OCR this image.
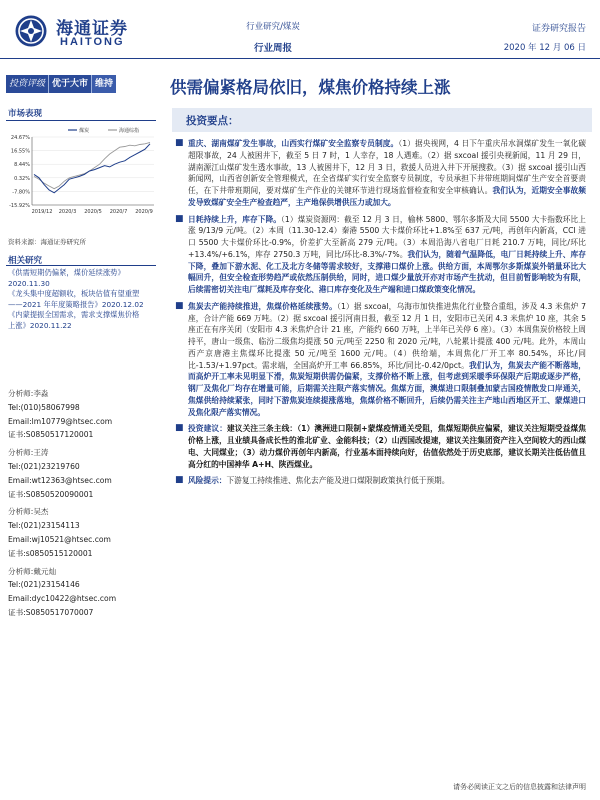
海通证券
HAITONG
行业研究/煤炭
行业周报
证券研究报告
2020 年 12 月 06 日
投资评级 优于大市 维持	供需偏紧格局依旧，煤焦价格持续上涨
市场表现
24.67%
16.55%
8.44%
0.32%
-7.80%
-15.92%
2019/12 2020/3 2020/5 2020/7 2020/9
煤炭	海通综指
资料来源：海通证券研究所
相关研究
《供需短期仍偏紧，煤价延续涨势》
2020.11.30
《龙头集中度超额收，板块估值有望重塑
——2021 年年度策略报告》2020.12.02
《内蒙提振全国需求，需求支撑煤焦价格
上涨》2020.11.22
分析师:李淼
Tel:(010)58067998
Email:lm10779@htsec.com
证书:S0850517120001
分析师:王涛
Tel:(021)23219760
Email:wt12363@htsec.com
证书:S0850520090001
分析师:吴杰
Tel:(021)23154113
Email:wj10521@htsec.com
证书:s0850515120001
分析师:戴元灿
Tel:(021)23154146
Email:dyc10422@htsec.com
证书:S0850517070007
投资要点：
■ 重庆、湖南煤矿发生事故，山西实行煤矿安全监察专员制度。（1）据央视网，4 日下午重庆吊水洞煤矿发生一氧化碳超限事故，24 人被困井下，截至 5 日 7 时，1 人幸存，18 人遇难。（2）据 sxcoal 援引央视新闻，11 月 29 日，湖南源江山煤矿发生透水事故，13 人被困井下，12 月 3 日，救援人员进入井下开展搜救。（3）据 sxcoal 援引山西新闻网，山西省创新安全管理模式，在全省煤矿实行安全监察专员制度，专员承担下井带班期间煤矿生产安全首要责任，在下井带班期间，要对煤矿生产作业的关键环节进行现场监督检查和安全审核确认。我们认为，近期安全事故频发导致煤矿安全生产检查趋严，主产地保供增供压力或加大。
■ 日耗持续上升，库存下降。（1）煤炭资源网：截至 12 月 3 日，榆林 5800、鄂尔多斯及大同 5500 大卡指数环比上涨 9/13/9 元/吨。（2）本周（11.30-12.4）秦港 5500 大卡煤价环比+1.8%至 637 元/吨，再创年内新高，CCI 进口 5500 大卡煤价环比-0.9%，价差扩大至新高 279 元/吨。（3）本周沿海八省电厂日耗 210.7 万吨，同比/环比+13.4%/+6.1%，库存 2750.3 万吨，同比/环比-8.3%/-7%。我们认为，随着气温降低，电厂日耗持续上升、库存下降，叠加下游水泥、化工及北方冬储等需求较好，支撑港口煤价上涨。供给方面，本周鄂尔多斯煤炭外销量环比大幅回升，但安全检查形势趋严或依然压制供给，同时，进口煤少量放开亦对市场产生扰动，但目前暂影响较为有限，后续需密切关注电厂煤耗及库存变化、港口库存变化及生产端和进口煤政策变化情况。
■ 焦炭去产能持续推进，焦煤价格延续涨势。（1）据 sxcoal，乌海市加快推进焦化行业整合重组，涉及 4.3 米焦炉 7 座，合计产能 669 万吨。（2）据 sxcoal 援引河南日报，截至 12 月 1 日，安阳市已关闭 4.3 米焦炉 10 座，其余 5 座正在有序关闭（安阳市 4.3 米焦炉合计 21 座，产能约 660 万吨，上半年已关停 6 座）。（3）本周焦炭价格较上周持平，唐山一级焦、临汾二级焦均提涨 50 元/吨至 2250 和 2020 元/吨，八轮累计提涨 400 元/吨。此外，本周山西产京唐港主焦煤环比提涨 50 元/吨至 1600 元/吨。（4）供给端，本周焦化厂开工率 80.54%，环比/同比-1.53/+1.97pct。需求端，全国高炉开工率 66.85%，环比/同比-0.42/0pct。我们认为，焦炭去产能不断落地，而高炉开工率未见明显下滑，焦炭短期供需仍偏紧，支撑价格不断上涨，但考虑到采暖季环保限产后期或逐步严格，钢厂及焦化厂均存在增量可能，后期需关注限产落实情况。焦煤方面，澳煤进口限制叠加蒙古国疫情散发口岸通关，焦煤供给持续紧张，同时下游焦炭连续提涨落地，焦煤价格不断回升，后续仍需关注主产地山西地区开工、蒙煤进口及焦化限产落实情况。
■ 投资建议：建议关注三条主线：（1）澳洲进口限制+蒙煤疫情通关受阻，焦煤短期供应偏紧，建议关注短期受益煤焦价格上涨，且业绩具备成长性的淮北矿业、金能科技；（2）山西国改提速，建议关注集团资产注入空间较大的西山煤电、大同煤业；（3）动力煤价再创年内新高，行业基本面持续向好，估值依然处于历史底部，建议长期关注低估值且高分红的中国神华 A+H、陕西煤业。
■ 风险提示：下游复工持续推进、焦化去产能及进口煤限制政策执行低于预期。
请务必阅读正文之后的信息披露和法律声明
